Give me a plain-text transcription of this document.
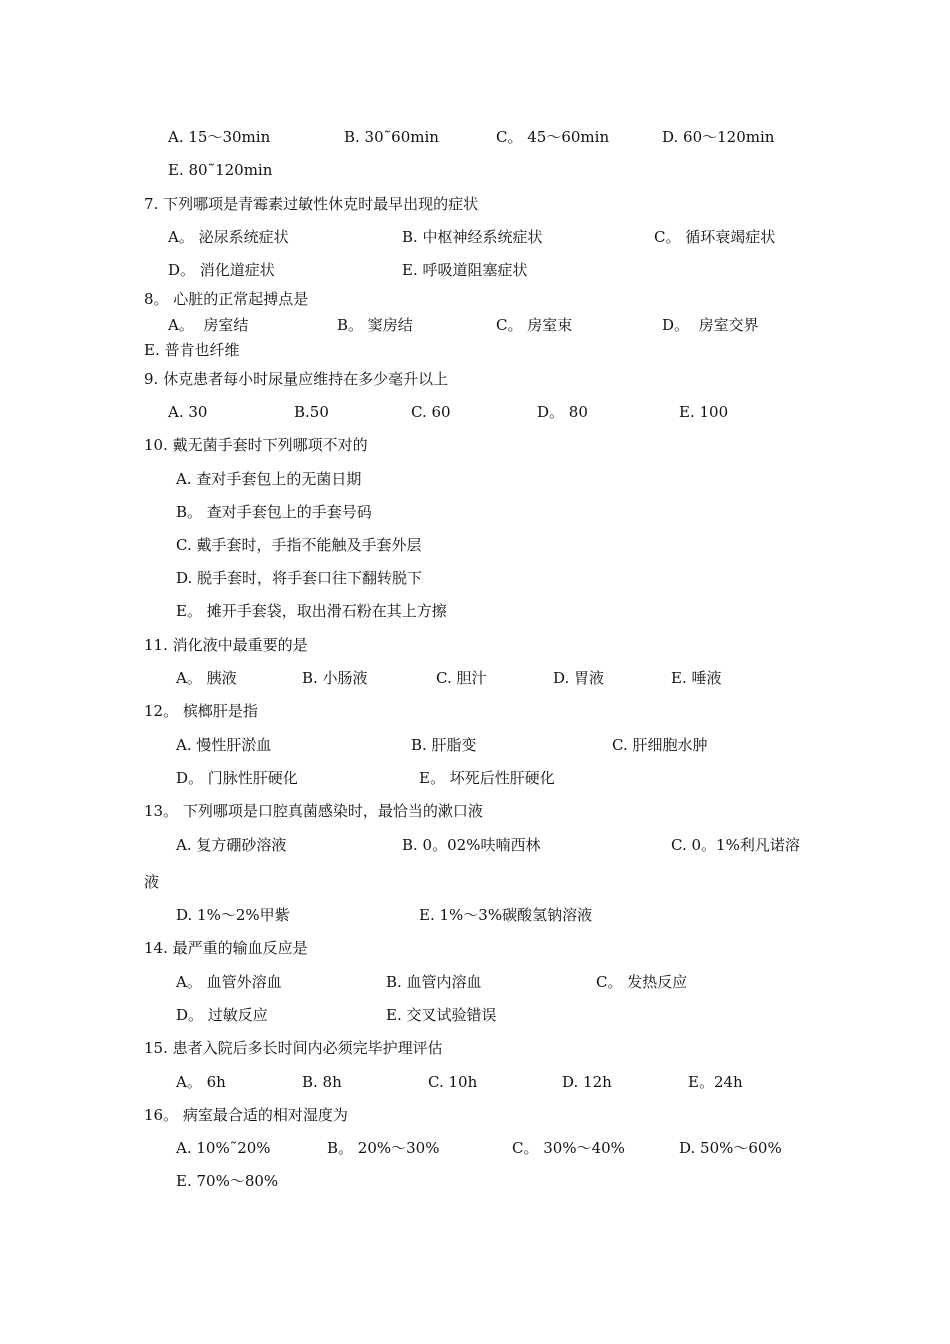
A. 15～30min	B. 30˜60min	C。 45～60min	D. 60～120min
E. 80˜120min
7. 下列哪项是青霉素过敏性休克时最早出现的症状
A。 泌尿系统症状	B. 中枢神经系统症状	C。 循环衰竭症状
D。 消化道症状	E. 呼吸道阻塞症状
8。 心脏的正常起搏点是
A。  房室结	B。 窦房结	C。 房室束	D。  房室交界
E. 普肯也纤维
9. 休克患者每小时尿量应维持在多少毫升以上
A. 30	B.50	C. 60	D。 80	E. 100
10. 戴无菌手套时下列哪项不对的
A. 查对手套包上的无菌日期
B。 查对手套包上的手套号码
C. 戴手套时，手指不能触及手套外层
D. 脱手套时，将手套口往下翻转脱下
E。 摊开手套袋，取出滑石粉在其上方擦
11. 消化液中最重要的是
A。 胰液	B. 小肠液	C. 胆汁	D. 胃液	E. 唾液
12。 槟榔肝是指
A. 慢性肝淤血	B. 肝脂变	C. 肝细胞水肿
D。 门脉性肝硬化	E。 坏死后性肝硬化
13。 下列哪项是口腔真菌感染时，最恰当的漱口液
A. 复方硼砂溶液	B. 0。02%呋喃西林	C. 0。1%利凡诺溶
液
D. 1%～2%甲紫	E. 1%～3%碳酸氢钠溶液
14. 最严重的输血反应是
A。 血管外溶血	B. 血管内溶血	C。 发热反应
D。 过敏反应	E. 交叉试验错误
15. 患者入院后多长时间内必须完毕护理评估
A。 6h	B. 8h	C. 10h	D. 12h	E。24h
16。 病室最合适的相对湿度为
A. 10%˜20%	B。 20%～30%	C。 30%～40%	D. 50%～60%
E. 70%～80%
